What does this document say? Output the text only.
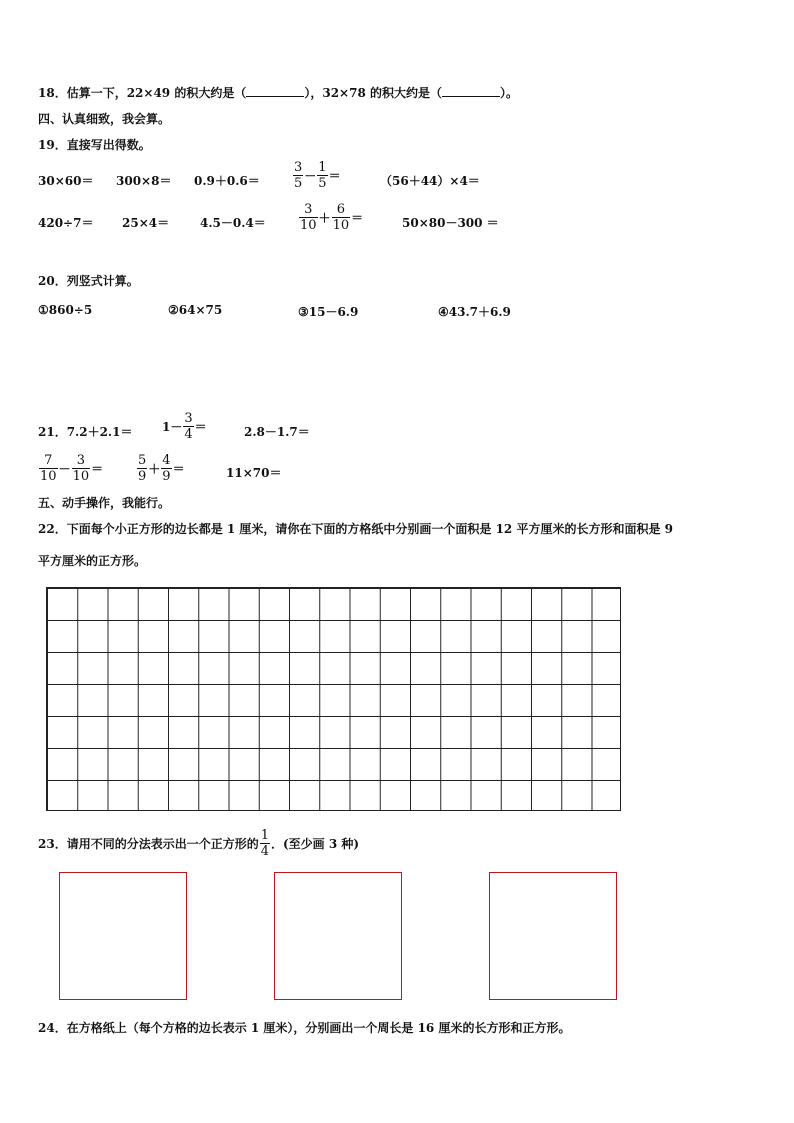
18．估算一下，22×49 的积大约是（	），32×78 的积大约是（	）。
四、认真细致，我会算。
19．直接写出得数。
30×60＝ 300×8＝ 0.9＋0.6＝	$\frac{3}{5} - \frac{1}{5}$ ＝	（56＋44）×4＝
420÷7＝ 25×4＝	4.5－0.4＝	$\frac{3}{10} + \frac{6}{10}$ ＝	50×80－300 ＝
20．列竖式计算。
①860÷5	②64×75	③15－6.9	④43.7＋6.9
21．$7.2+2.1= 1- \frac{3}{4}$ ＝	2.8－1.7＝
$\frac{7}{10} - \frac{3}{10}$ ＝	$\frac{5}{9} + \frac{4}{9}$ ＝	11×70＝
五、动手操作，我能行。
22．下面每个小正方形的边长都是 1 厘米，请你在下面的方格纸中分别画一个面积是 12 平方厘米的长方形和面积是 9
平方厘米的正方形。
23．请用不同的分法表示出一个正方形的 $\frac{1}{4}$ ．(至少画 3 种)
24．在方格纸上（每个方格的边长表示 1 厘米），分别画出一个周长是 16 厘米的长方形和正方形。
